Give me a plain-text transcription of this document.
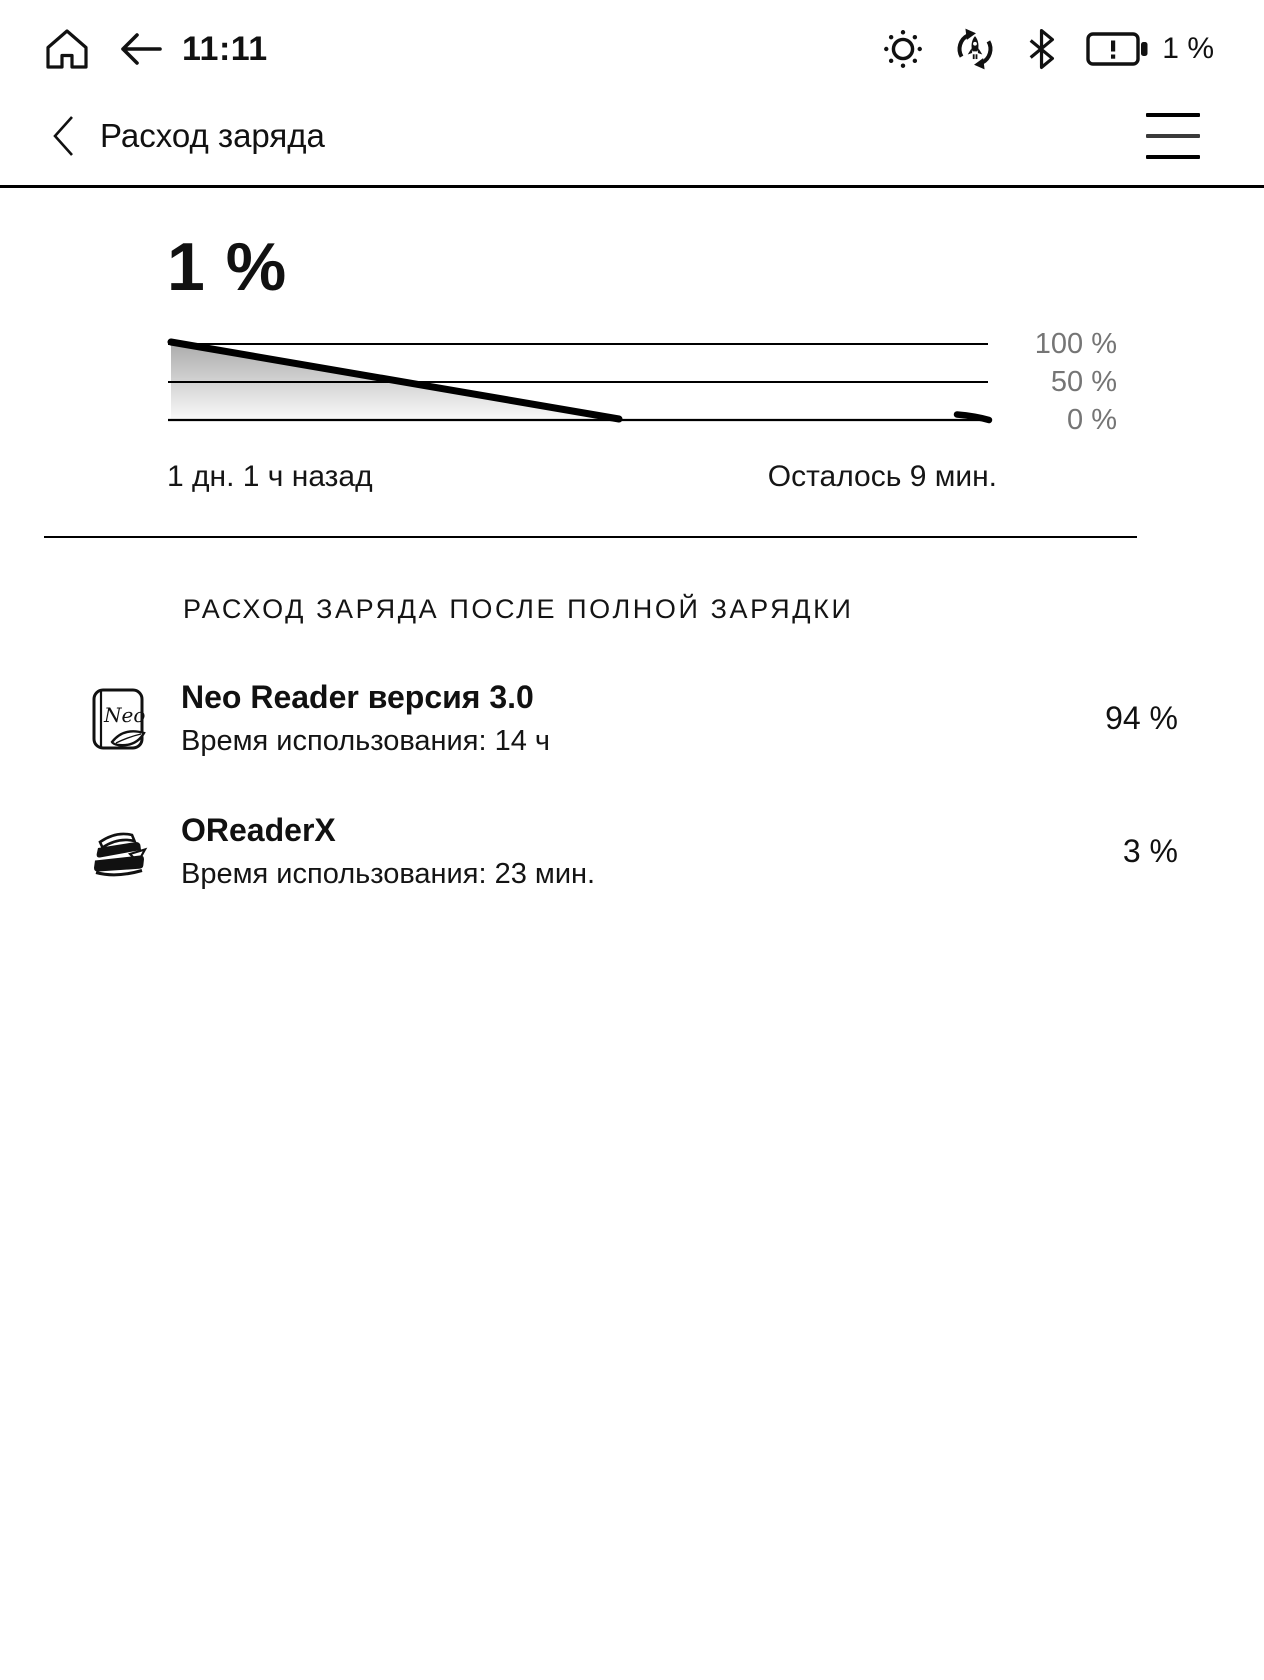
11:11	1 %
Расход заряда
1 %
100 %
50 %
0 %
1 дн. 1 ч назад	Осталось 9 мин.
РАСХОД ЗАРЯДА ПОСЛЕ ПОЛНОЙ ЗАРЯДКИ
Neo Neo Reader версия 3.0
Время использования: 14 ч
94 %
OReaderX
Время использования: 23 мин.
3 %
